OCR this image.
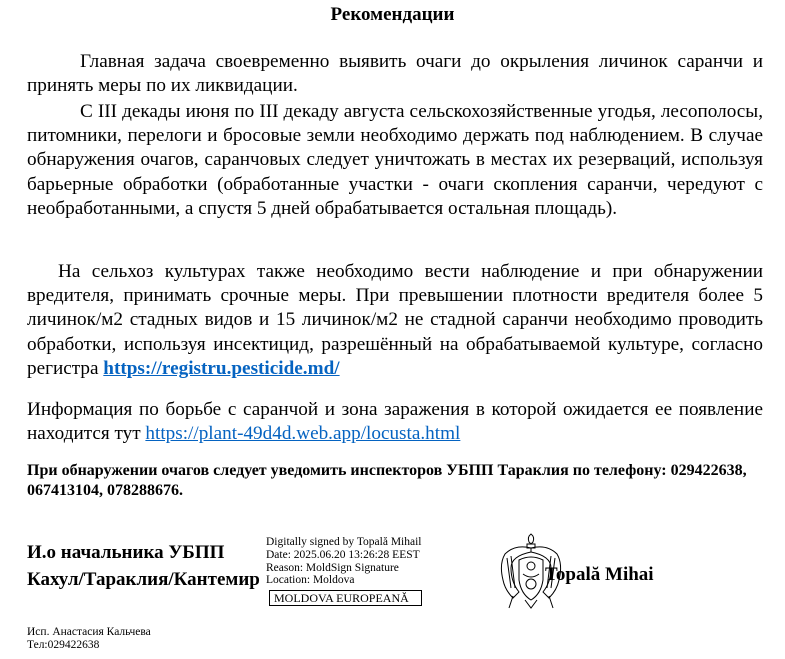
Рекомендации
Главная задача своевременно выявить очаги до окрыления личинок саранчи и принять меры по их ликвидации.
С III декады июня по III декаду августа сельскохозяйственные угодья, лесополосы, питомники, перелоги и бросовые земли необходимо держать под наблюдением. В случае обнаружения очагов, саранчовых следует уничтожать в местах их резерваций, используя барьерные обработки (обработанные участки - очаги скопления саранчи, чередуют с необработанными, а спустя 5 дней обрабатывается остальная площадь).
На сельхоз культурах также необходимо вести наблюдение и при обнаружении вредителя, принимать срочные меры. При превышении плотности вредителя более 5 личинок/м2 стадных видов и 15 личинок/м2 не стадной саранчи необходимо проводить обработки, используя инсектицид, разрешённый на обрабатываемой культуре, согласно регистра https://registru.pesticide.md/
Информация по борьбе с саранчой и зона заражения в которой ожидается ее появление находится тут https://plant-49d4d.web.app/locusta.html
При обнаружении очагов следует уведомить инспекторов УБПП Тараклия по телефону: 029422638, 067413104, 078288676.
И.о начальника УБПП
Кахул/Тараклия/Кантемир
Digitally signed by Topală Mihail
Date: 2025.06.20 13:26:28 EEST
Reason: MoldSign Signature
Location: Moldova
MOLDOVA EUROPEANĂ
Topală Mihai
Исп. Анастасия Кальчева
Тел:029422638
